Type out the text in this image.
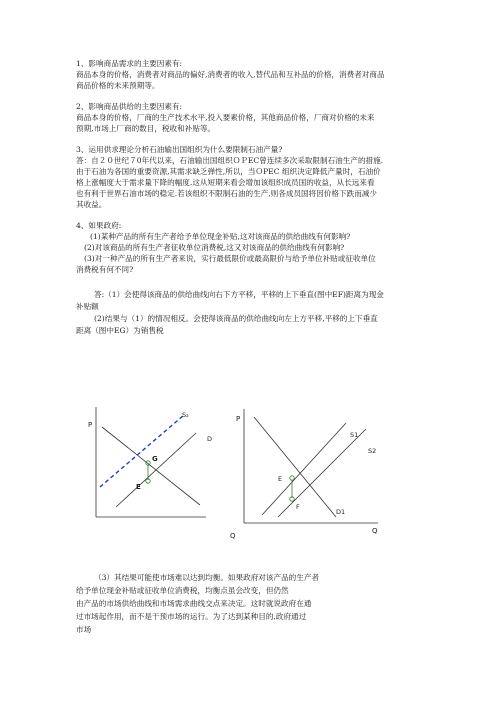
1、影响商品需求的主要因素有:
商品本身的价格，消费者对商品的偏好,消费者的收入,替代品和互补品的价格，消费者对商品
商品价格的未来预期等。
2、影响商品供给的主要因素有:
商品本身的价格，厂商的生产技术水平,投入要素价格，其他商品价格，厂商对价格的未来
预期,市场上厂商的数目，税收和补贴等。
3、运用供求理论分析石油输出国组织为什么要限制石油产量?
答：自２０世纪７0年代以来，石油输出国组织ＯＰEC曾连续多次采取限制石油生产的措施.
由于石油为各国的重要资源,其需求缺乏弹性,所以，当ＯPEC 组织决定降低产量时，石油价
格上涨幅度大于需求量下降的幅度.这从短期来看会增加该组织成员国的收益，从长远来看
也有利于世界石油市场的稳定.若该组织不限制石油的生产,则各成员国将因价格下跌而减少
其收益。
4、如果政府:
(1)某种产品的所有生产者给予单位现金补贴,这对该商品的供给曲线有何影响?
(2)对该商品的所有生产者征收单位消费税,这又对该商品的供给曲线有何影响?
(3)对一种产品的所有生产者来说，实行最低限价或最高限价与给予单位补贴或征收单位
消费税有何不同?
答:（1）会使得该商品的供给曲线向右下方平移，平移的上下垂直(图中EF)距离为现金
补贴额
(2)结果与（1）的情况相反。会使得该商品的供给曲线向左上方平移,平移的上下垂直
距离（图中EG）为销售税
P
S₂
G
E
D
Q
P
Q
D1
S1
S2
E
F
（3）其结果可能使市场难以达到均衡。如果政府对该产品的生产者
给予单位现金补贴或征收单位消费税，均衡点虽会改变，但仍然
由产品的市场供给曲线和市场需求曲线交点来决定。这时就说政府在通
过市场起作用，而不是干预市场的运行。为了达到某种目的,政府通过
市场
